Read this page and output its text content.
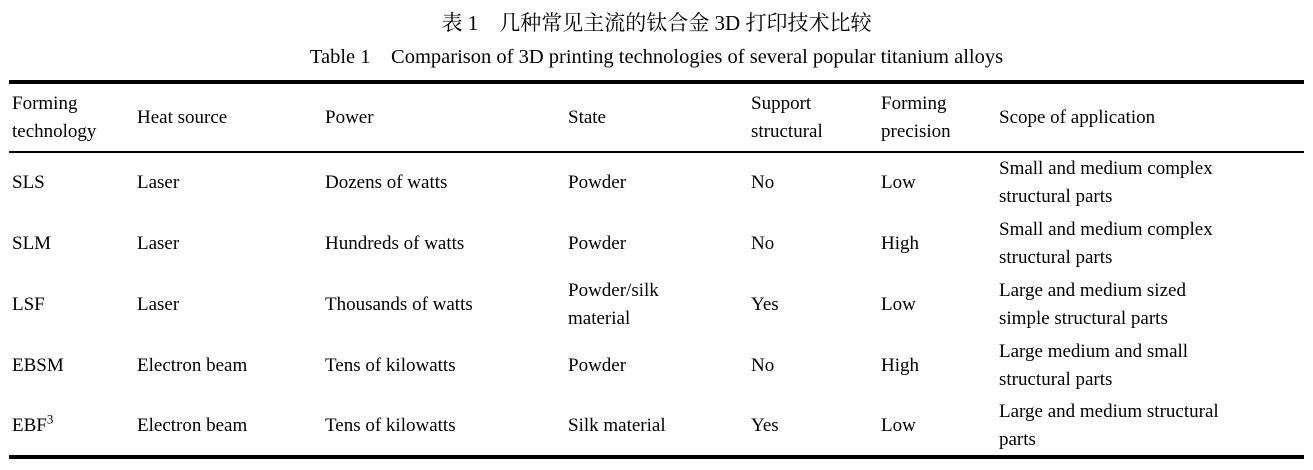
表 1　几种常见主流的钛合金 3D 打印技术比较
Table 1　Comparison of 3D printing technologies of several popular titanium alloys
Forming technology	Heat source	Power	State	Support structural	Forming precision	Scope of application

SLS	Laser	Dozens of watts	Powder	No	Low	Small and medium complex structural parts

SLM	Laser	Hundreds of watts	Powder	No	High	Small and medium complex structural parts

LSF	Laser	Thousands of watts	Powder/silk material	Yes	Low	Large and medium sized simple structural parts

EBSM	Electron beam	Tens of kilowatts	Powder	No	High	Large medium and small structural parts

EBF$^3$	Electron beam	Tens of kilowatts	Silk material	Yes	Low	Large and medium structural parts
